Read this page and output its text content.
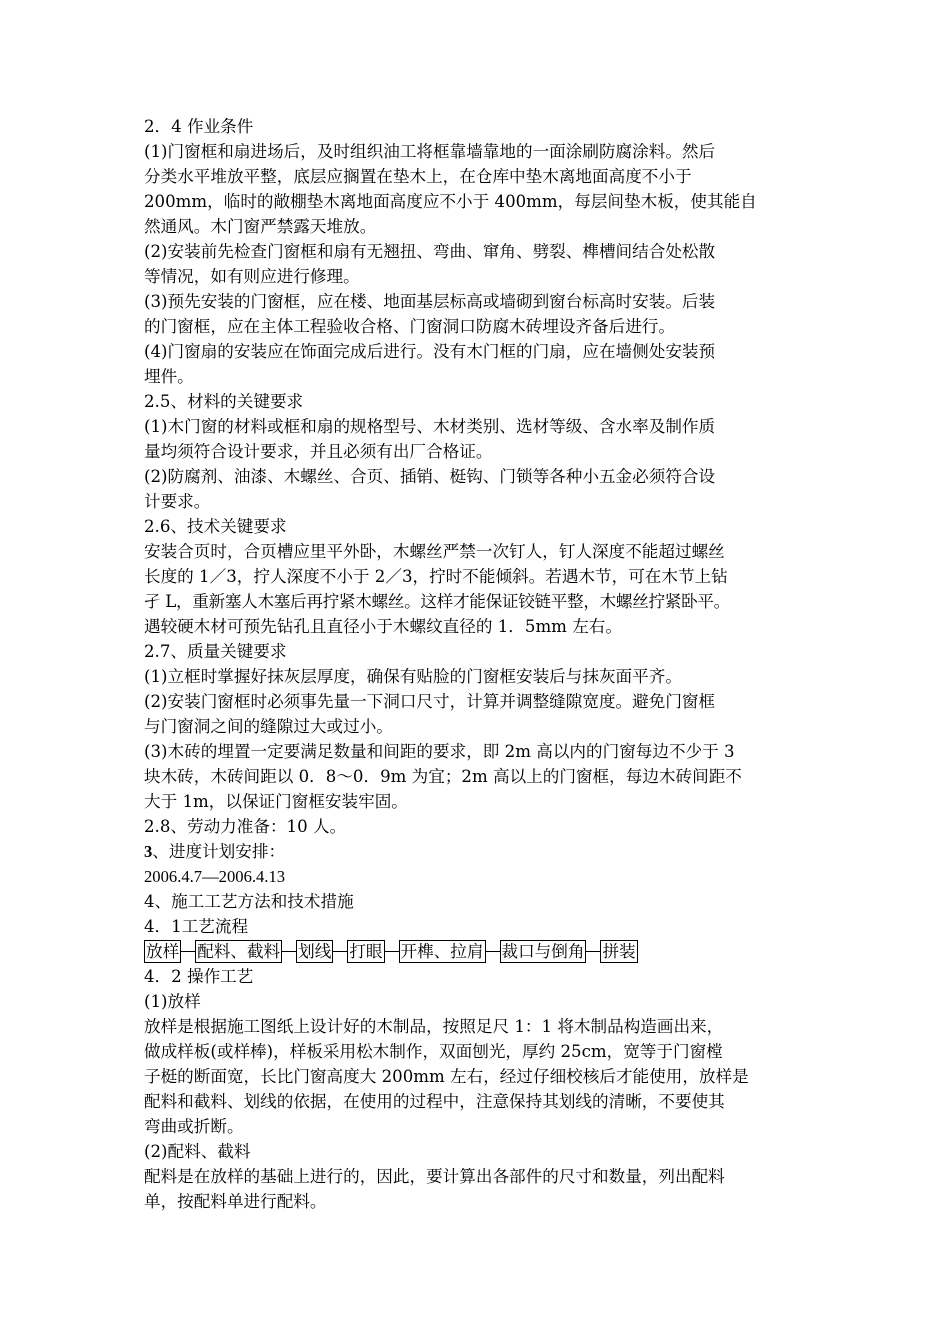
2．4 作业条件
(1)门窗框和扇进场后，及时组织油工将框靠墙靠地的一面涂刷防腐涂料。然后
分类水平堆放平整，底层应搁置在垫木上，在仓库中垫木离地面高度不小于
200mm，临时的敞棚垫木离地面高度应不小于 400mm，每层间垫木板，使其能自
然通风。木门窗严禁露天堆放。
(2)安装前先检查门窗框和扇有无翘扭、弯曲、窜角、劈裂、榫槽间结合处松散
等情况，如有则应进行修理。
(3)预先安装的门窗框，应在楼、地面基层标高或墙砌到窗台标高时安装。后装
的门窗框，应在主体工程验收合格、门窗洞口防腐木砖埋设齐备后进行。
(4)门窗扇的安装应在饰面完成后进行。没有木门框的门扇，应在墙侧处安装预
埋件。
2.5、材料的关键要求
(1)木门窗的材料或框和扇的规格型号、木材类别、选材等级、含水率及制作质
量均须符合设计要求，并且必须有出厂合格证。
(2)防腐剂、油漆、木螺丝、合页、插销、梃钩、门锁等各种小五金必须符合设
计要求。
2.6、技术关键要求
安装合页时，合页槽应里平外卧，木螺丝严禁一次钉人，钉人深度不能超过螺丝
长度的 1／3，拧人深度不小于 2／3，拧时不能倾斜。若遇木节，可在木节上钻
孑 L，重新塞人木塞后再拧紧木螺丝。这样才能保证铰链平整，木螺丝拧紧卧平。
遇较硬木材可预先钻孔且直径小于木螺纹直径的 1．5mm 左右。
2.7、质量关键要求
(1)立框时掌握好抹灰层厚度，确保有贴脸的门窗框安装后与抹灰面平齐。
(2)安装门窗框时必须事先量一下洞口尺寸，计算并调整缝隙宽度。避免门窗框
与门窗洞之间的缝隙过大或过小。
(3)木砖的埋置一定要满足数量和间距的要求，即 2m 高以内的门窗每边不少于 3
块木砖，木砖间距以 0．8～0．9m 为宜；2m 高以上的门窗框，每边木砖间距不
大于 1m，以保证门窗框安装牢固。
2.8、劳动力准备：10 人。
3、进度计划安排：
2006.4.7—2006.4.13
4、施工工艺方法和技术措施
4．1工艺流程
放样 配料、截料 划线 打眼 开榫、拉肩 裁口与倒角 拼装
4．2 操作工艺
(1)放样
放样是根据施工图纸上设计好的木制品，按照足尺 1：1 将木制品构造画出来，
做成样板(或样棒)，样板采用松木制作，双面刨光，厚约 25cm，宽等于门窗樘
子梃的断面宽，长比门窗高度大 200mm 左右，经过仔细校核后才能使用，放样是
配料和截料、划线的依据，在使用的过程中，注意保持其划线的清晰，不要使其
弯曲或折断。
(2)配料、截料
配料是在放样的基础上进行的，因此，要计算出各部件的尺寸和数量，列出配料
单，按配料单进行配料。
